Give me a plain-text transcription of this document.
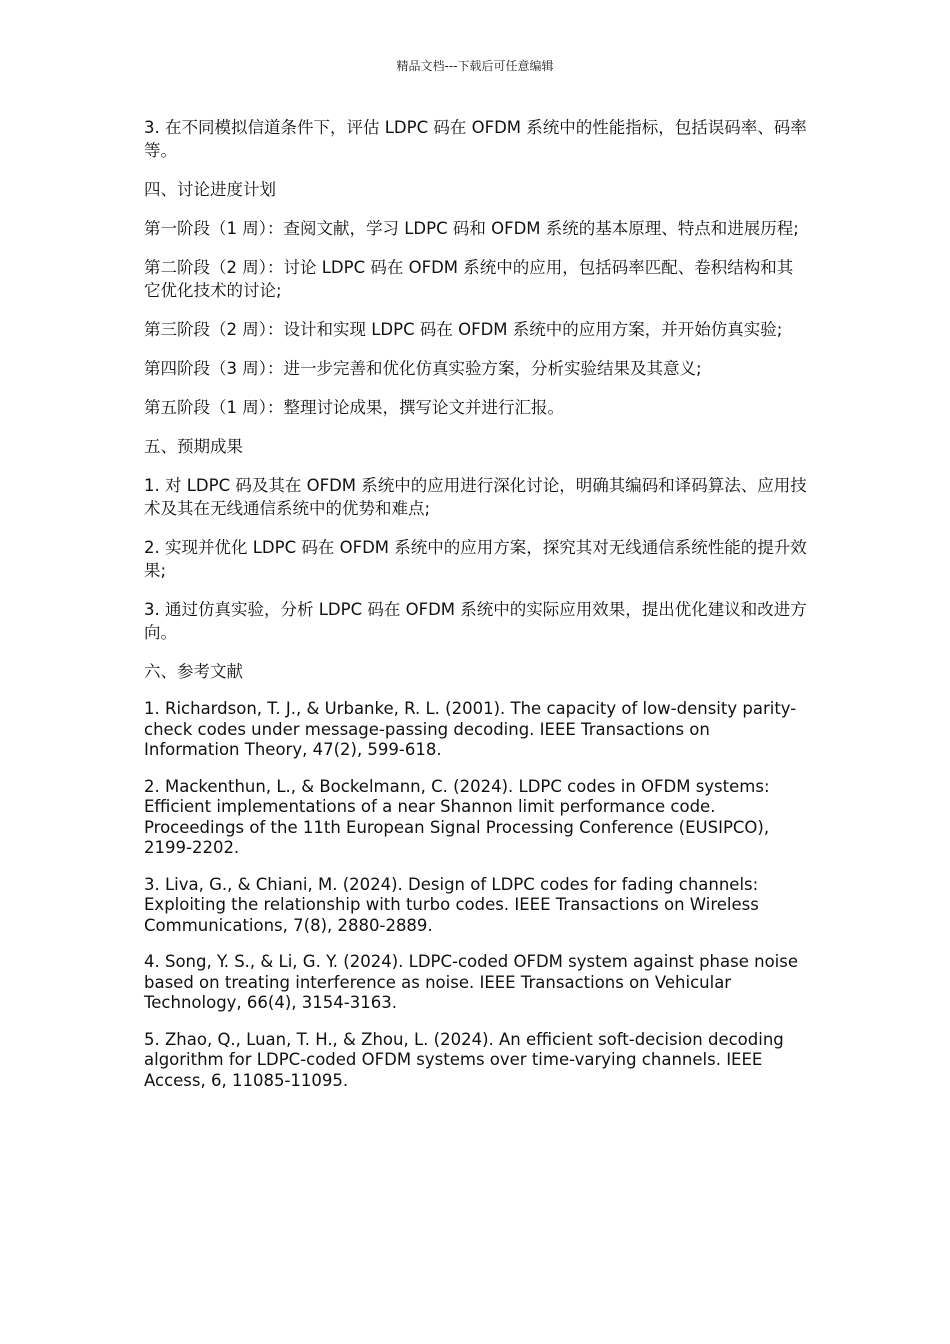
精品文档---下载后可任意编辑

3. 在不同模拟信道条件下，评估 LDPC 码在 OFDM 系统中的性能指标，包括误码率、码率等。

四、讨论进度计划

第一阶段（1 周）：查阅文献，学习 LDPC 码和 OFDM 系统的基本原理、特点和进展历程;

第二阶段（2 周）：讨论 LDPC 码在 OFDM 系统中的应用，包括码率匹配、卷积结构和其它优化技术的讨论;

第三阶段（2 周）：设计和实现 LDPC 码在 OFDM 系统中的应用方案，并开始仿真实验;

第四阶段（3 周）：进一步完善和优化仿真实验方案，分析实验结果及其意义;

第五阶段（1 周）：整理讨论成果，撰写论文并进行汇报。

五、预期成果

1. 对 LDPC 码及其在 OFDM 系统中的应用进行深化讨论，明确其编码和译码算法、应用技术及其在无线通信系统中的优势和难点;

2. 实现并优化 LDPC 码在 OFDM 系统中的应用方案，探究其对无线通信系统性能的提升效果;

3. 通过仿真实验，分析 LDPC 码在 OFDM 系统中的实际应用效果，提出优化建议和改进方向。

六、参考文献

1. Richardson, T. J., & Urbanke, R. L. (2001). The capacity of low-density parity-check codes under message-passing decoding. IEEE Transactions on Information Theory, 47(2), 599-618.

2. Mackenthun, L., & Bockelmann, C. (2024). LDPC codes in OFDM systems: Efficient implementations of a near Shannon limit performance code. Proceedings of the 11th European Signal Processing Conference (EUSIPCO), 2199-2202.

3. Liva, G., & Chiani, M. (2024). Design of LDPC codes for fading channels: Exploiting the relationship with turbo codes. IEEE Transactions on Wireless Communications, 7(8), 2880-2889.

4. Song, Y. S., & Li, G. Y. (2024). LDPC-coded OFDM system against phase noise based on treating interference as noise. IEEE Transactions on Vehicular Technology, 66(4), 3154-3163.

5. Zhao, Q., Luan, T. H., & Zhou, L. (2024). An efficient soft-decision decoding algorithm for LDPC-coded OFDM systems over time-varying channels. IEEE Access, 6, 11085-11095.
